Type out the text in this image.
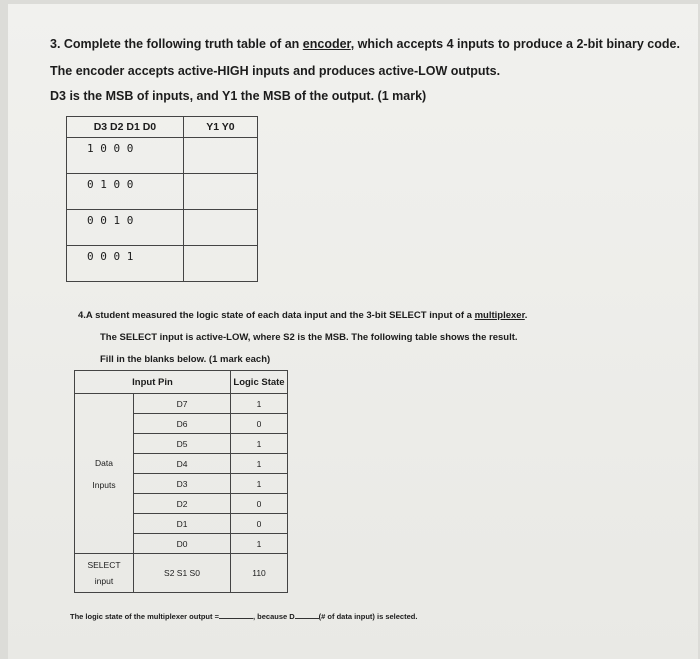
3. Complete the following truth table of an encoder, which accepts 4 inputs to produce a 2-bit binary code.
The encoder accepts active-HIGH inputs and produces active-LOW outputs.
D3 is the MSB of inputs, and Y1 the MSB of the output. (1 mark)
D3 D2 D1 D0	Y1 Y0
1 0 0 0	
0 1 0 0	
0 0 1 0	
0 0 0 1	
4.A student measured the logic state of each data input and the 3-bit SELECT input of a multiplexer.
The SELECT input is active-LOW, where S2 is the MSB. The following table shows the result.
Fill in the blanks below. (1 mark each)
Input Pin		Logic State

Data
Inputs	D7	1
	D6	0
	D5	1
	D4	1
	D3	1
	D2	0
	D1	0
	D0	1

SELECT
input	S2 S1 S0	110
The logic state of the multiplexer output =	, because D	(# of data input) is selected.
